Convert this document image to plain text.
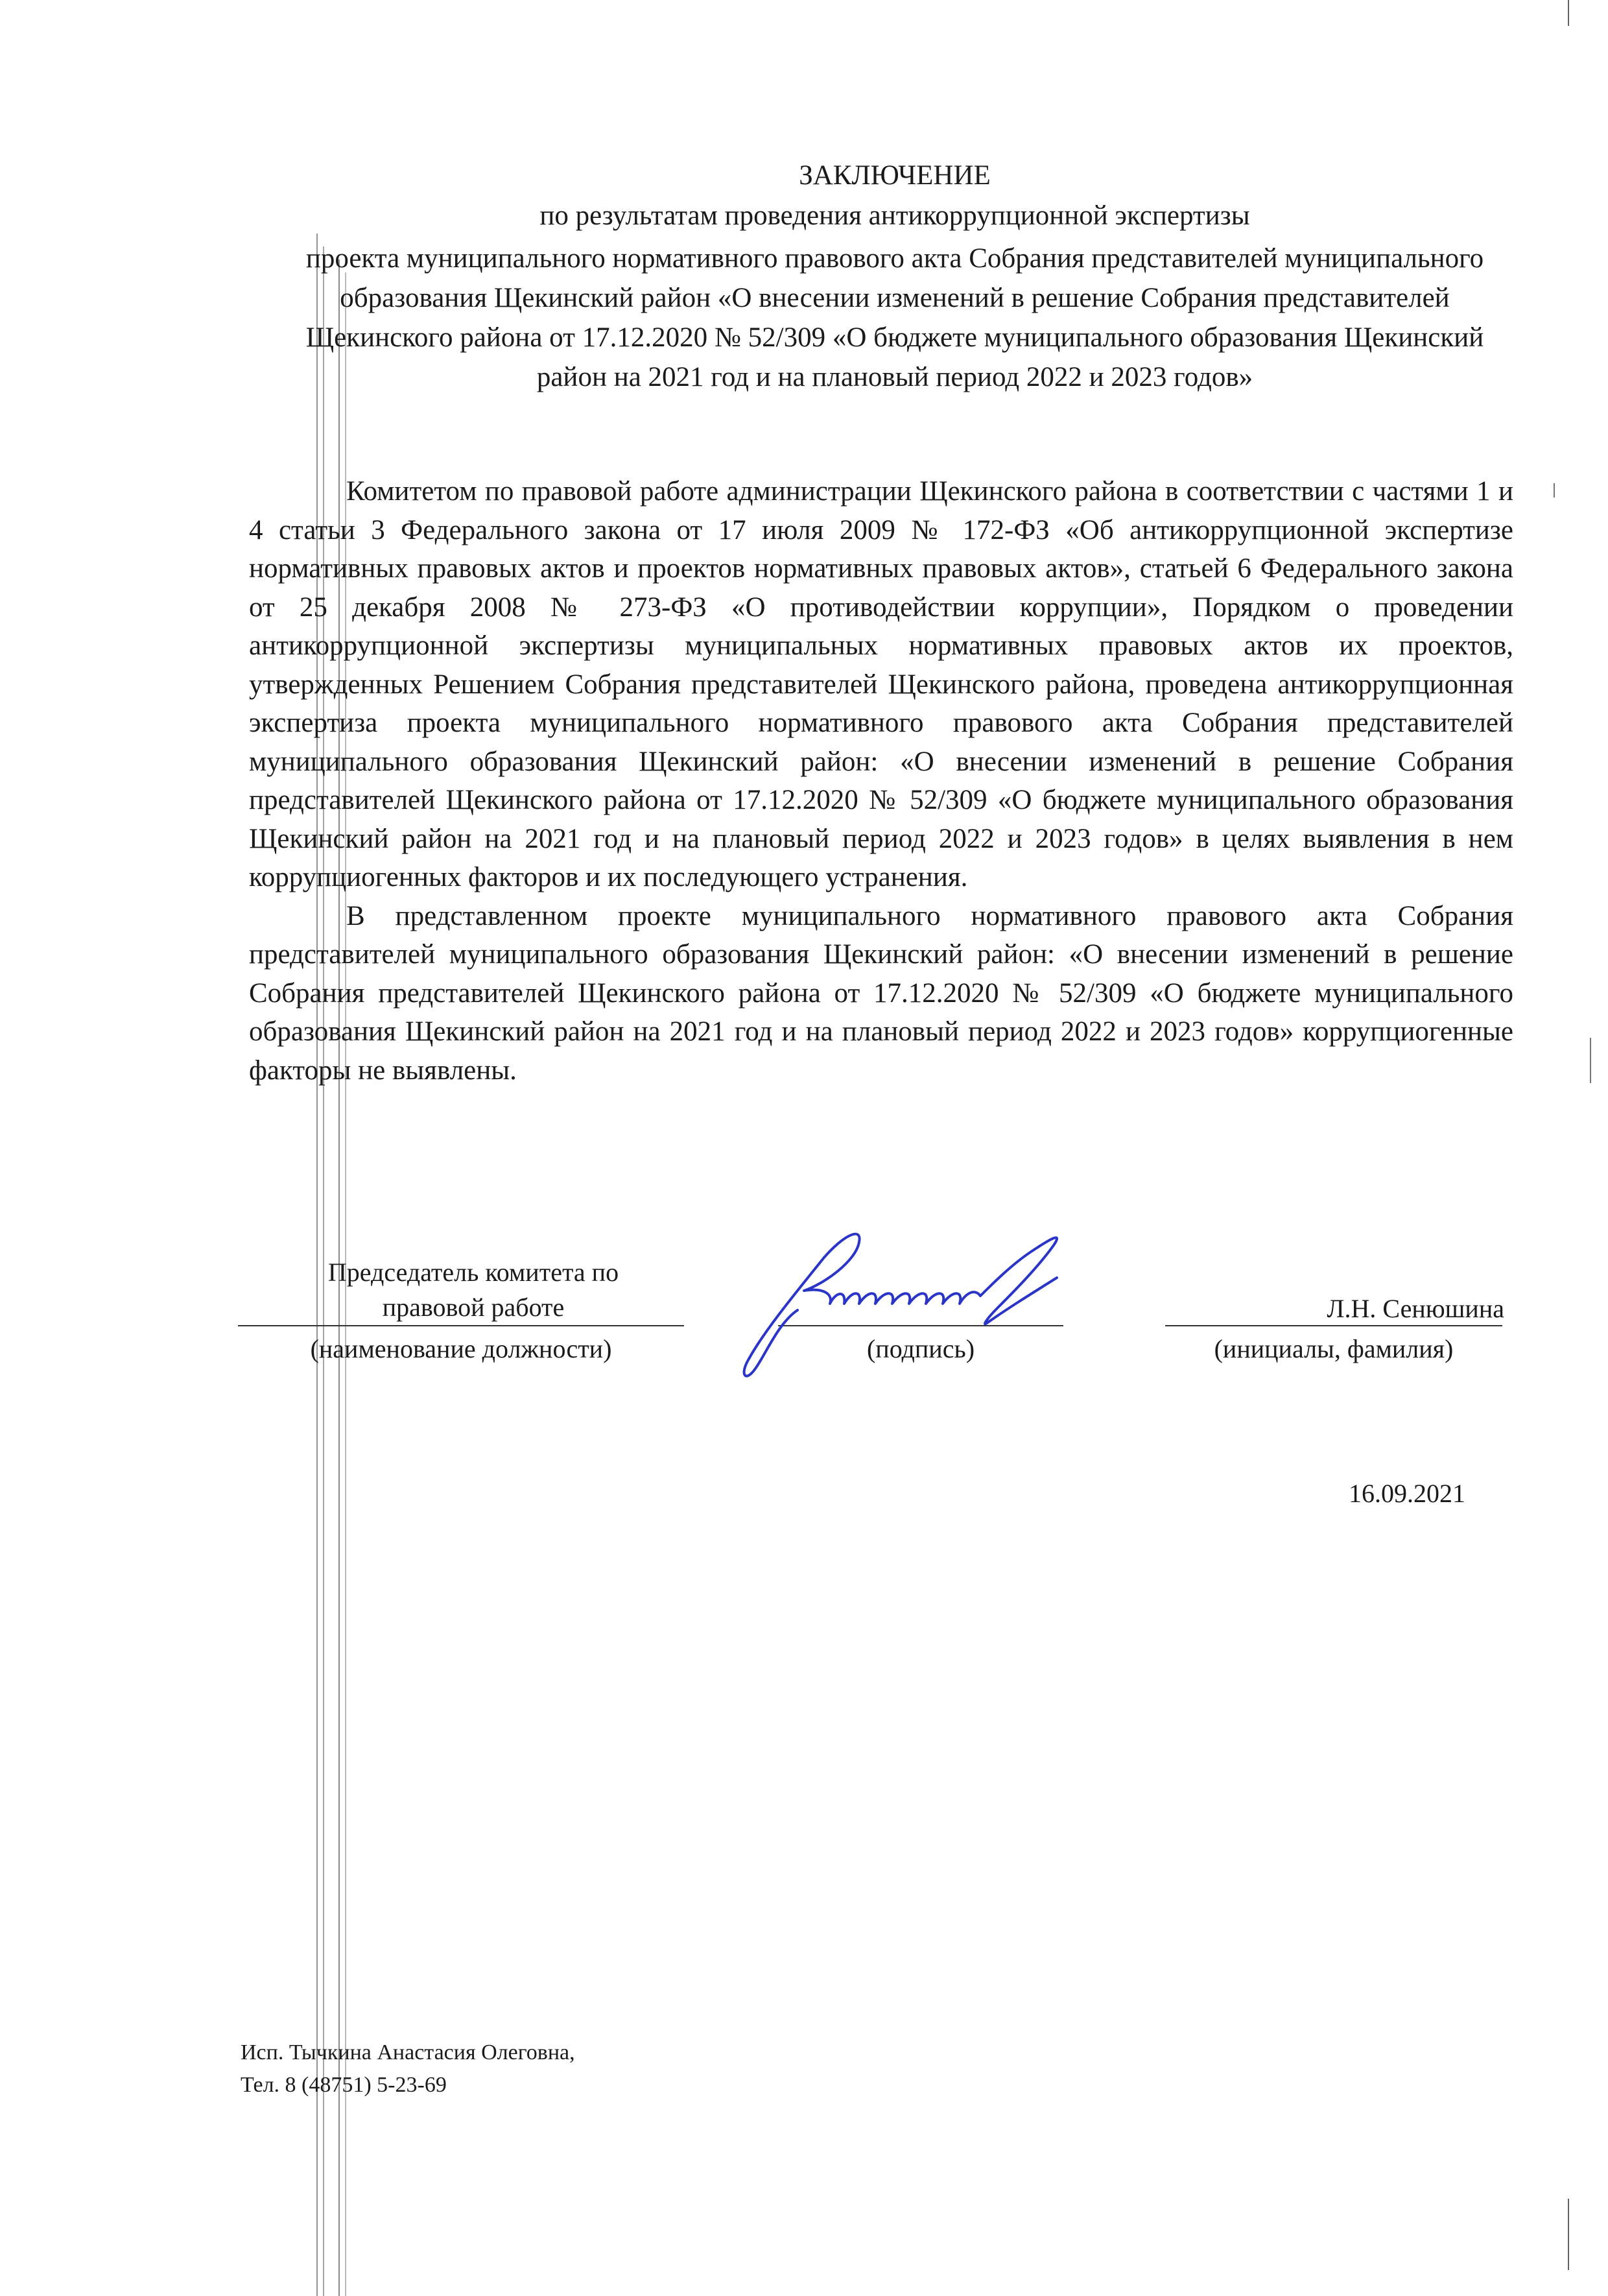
ЗАКЛЮЧЕНИЕ
по результатам проведения антикоррупционной экспертизы
проекта муниципального нормативного правового акта Собрания представителей муниципального образования Щекинский район «О внесении изменений в решение Собрания представителей Щекинского района от 17.12.2020 № 52/309 «О бюджете муниципального образования Щекинский район на 2021 год и на плановый период 2022 и 2023 годов»

Комитетом по правовой работе администрации Щекинского района в соответствии с частями 1 и 4 статьи 3 Федерального закона от 17 июля 2009 № 172-ФЗ «Об антикоррупционной экспертизе нормативных правовых актов и проектов нормативных правовых актов», статьей 6 Федерального закона от 25 декабря 2008 № 273-ФЗ «О противодействии коррупции», Порядком о проведении антикоррупционной экспертизы муниципальных нормативных правовых актов их проектов, утвержденных Решением Собрания представителей Щекинского района, проведена антикоррупционная экспертиза проекта муниципального нормативного правового акта Собрания представителей муниципального образования Щекинский район: «О внесении изменений в решение Собрания представителей Щекинского района от 17.12.2020 № 52/309 «О бюджете муниципального образования Щекинский район на 2021 год и на плановый период 2022 и 2023 годов» в целях выявления в нем коррупциогенных факторов и их последующего устранения.

В представленном проекте муниципального нормативного правового акта Собрания представителей муниципального образования Щекинский район: «О внесении изменений в решение Собрания представителей Щекинского района от 17.12.2020 № 52/309 «О бюджете муниципального образования Щекинский район на 2021 год и на плановый период 2022 и 2023 годов» коррупциогенные факторы не выявлены.

Председатель комитета по
правовой работе
(наименование должности)	(подпись)
Л.Н. Сенюшина
(инициалы, фамилия)
16.09.2021
Исп. Тычкина Анастасия Олеговна,
Тел. 8 (48751) 5-23-69
